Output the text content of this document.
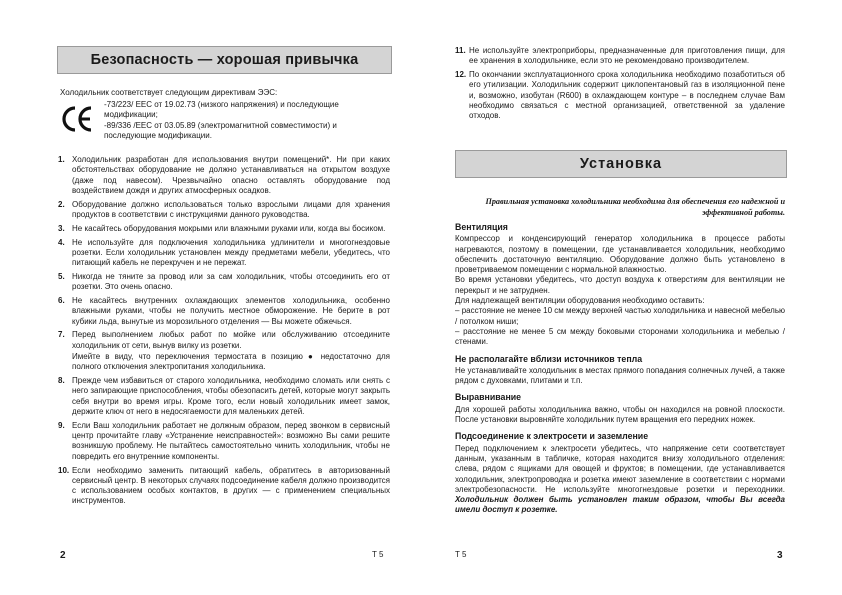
Безопасность — хорошая привычка
Холодильник соответствует следующим директивам ЭЭС:

-73/223/ EEC от 19.02.73 (низкого напряжения) и последующие модификации;

-89/336 /EEC от 03.05.89 (электромагнитной совместимости) и последующие модификации.

1. Холодильник разработан для использования внутри помещений*. Ни при каких обстоятельствах оборудование не должно устанавливаться на открытом воздухе (даже под навесом). Чрезвычайно опасно оставлять оборудование под воздействием дождя и других атмосферных осадков.

2. Оборудование должно использоваться только взрослыми лицами для хранения продуктов в соответствии с инструкциями данного руководства.

3. Не касайтесь оборудования мокрыми или влажными руками или, когда вы босиком.

4. Не используйте для подключения холодильника удлинители и многогнездовые розетки. Если холодильник установлен между предметами мебели, убедитесь, что питающий кабель не перекручен и не пережат.

5. Никогда не тяните за провод или за сам холодильник, чтобы отсоединить его от розетки. Это очень опасно.

6. Не касайтесь внутренних охлаждающих элементов холодильника, особенно влажными руками, чтобы не получить местное обморожение. Не берите в рот кубики льда, вынутые из морозильного отделения — Вы можете обжечься.

7. Перед выполнением любых работ по мойке или обслуживанию отсоедините холодильник от сети, вынув вилку из розетки.

Имейте в виду, что переключения термостата в позицию ● недостаточно для полного отключения электропитания холодильника.

8. Прежде чем избавиться от старого холодильника, необходимо сломать или снять с него запирающие приспособления, чтобы обезопасить детей, которые могут закрыть себя внутри во время игры. Кроме того, если новый холодильник имеет замок, держите ключ от него в недосягаемости для маленьких детей.

9. Если Ваш холодильник работает не должным образом, перед звонком в сервисный центр прочитайте главу «Устранение неисправностей»: возможно Вы сами решите возникшую проблему. Не пытайтесь самостоятельно чинить холодильник, чтобы не повредить его внутренние компоненты.

10. Если необходимо заменить питающий кабель, обратитесь в авторизованный сервисный центр. В некоторых случаях подсоединение кабеля должно производится с использованием особых контактов, в других — с применением специальных инструментов.

2	T 5
11. Не используйте электроприборы, предназначенные для приготовления пищи, для ее хранения в холодильнике, если это не рекомендовано производителем.

12. По окончании эксплуатационного срока холодильника необходимо позаботиться об его утилизации. Холодильник содержит циклопентановый газ в изоляционной пене и, возможно, изобутан (R600) в охлаждающем контуре – в последнем случае Вам необходимо связаться с местной организацией, ответственной за удаление отходов.

Установка
Правильная установка холодильника необходима для обеспечения его надежной и эффективной работы.
Вентиляция

Компрессор и конденсирующий генератор холодильника в процессе работы нагреваются, поэтому в помещении, где устанавливается холодильник, необходимо обеспечить достаточную вентиляцию. Оборудование должно быть установлено в проветриваемом помещении с нормальной влажностью.

Во время установки убедитесь, что доступ воздуха к отверстиям для вентиляции не перекрыт и не затруднен.

Для надлежащей вентиляции оборудования необходимо оставить:

– расстояние не менее 10 см между верхней частью холодильника и навесной мебелью / потолком ниши;

– расстояние не менее 5 см между боковыми сторонами холодильника и мебелью / стенами.

Не располагайте вблизи источников тепла

Не устанавливайте холодильник в местах прямого попадания солнечных лучей, а также рядом с духовками, плитами и т.п.

Выравнивание

Для хорошей работы холодильника важно, чтобы он находился на ровной плоскости. После установки выровняйте холодильник путем вращения его передних ножек.

Подсоединение к электросети и заземление

Перед подключением к электросети убедитесь, что напряжение сети соответствует данным, указанным в табличке, которая находится внизу холодильного отделения: слева, рядом с ящиками для овощей и фруктов; в помещении, где устанавливается холодильник, электропроводка и розетка имеют заземление в соответствии с нормами электробезопасности. Не используйте многогнездовые розетки и переходники. Холодильник должен быть установлен таким образом, чтобы Вы всегда имели доступ к розетке.

T 5	3
